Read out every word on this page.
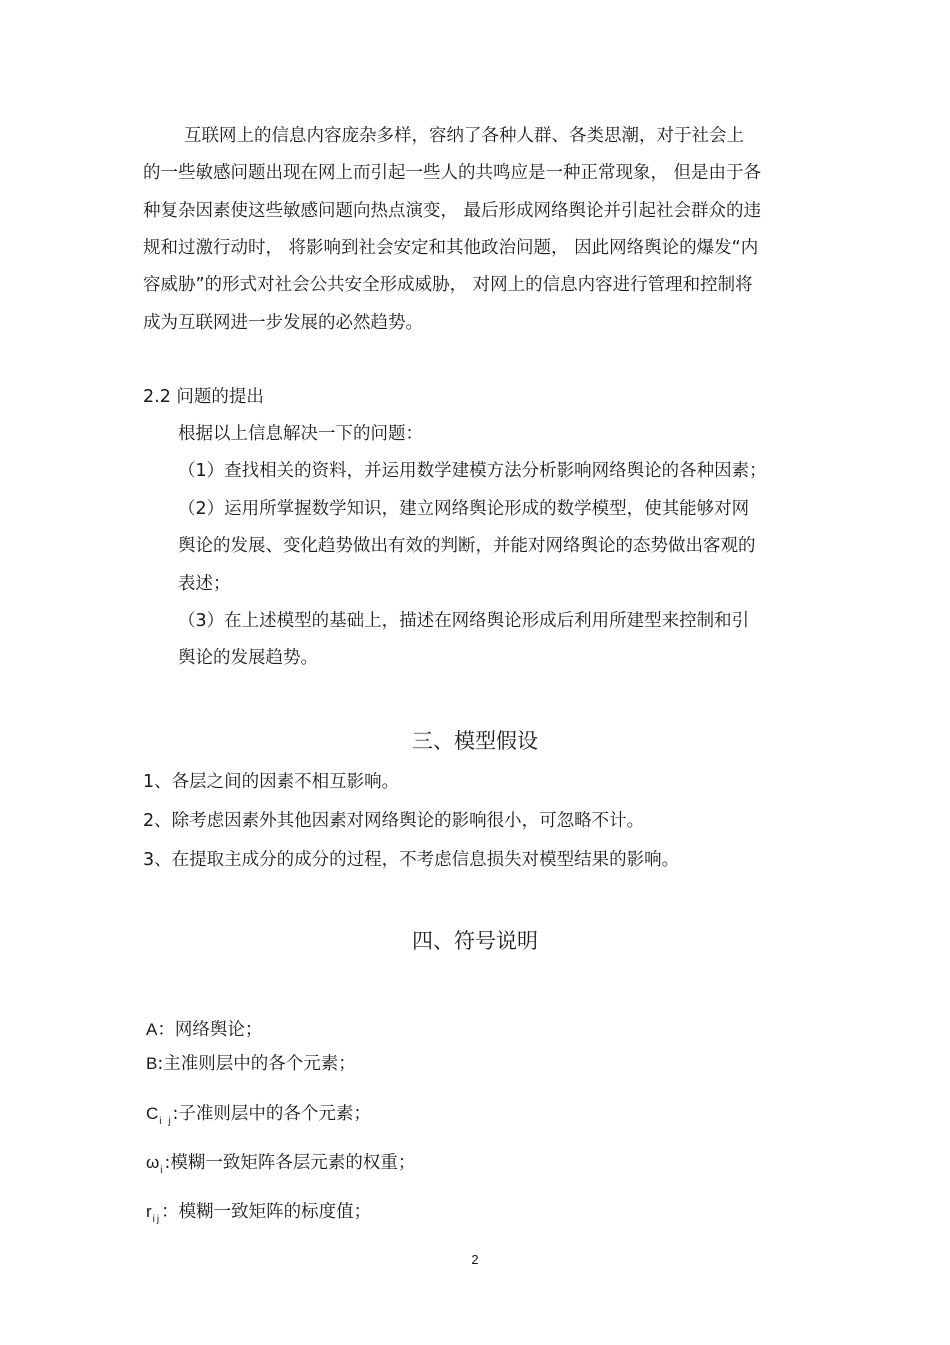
互联网上的信息内容庞杂多样，容纳了各种人群、各类思潮，对于社会上
的一些敏感问题出现在网上而引起一些人的共鸣应是一种正常现象， 但是由于各
种复杂因素使这些敏感问题向热点演变， 最后形成网络舆论并引起社会群众的违
规和过激行动时， 将影响到社会安定和其他政治问题， 因此网络舆论的爆发“内
容威胁”的形式对社会公共安全形成威胁， 对网上的信息内容进行管理和控制将
成为互联网进一步发展的必然趋势。
2.2 问题的提出
根据以上信息解决一下的问题：
（1）查找相关的资料，并运用数学建模方法分析影响网络舆论的各种因素；
（2）运用所掌握数学知识，建立网络舆论形成的数学模型，使其能够对网
舆论的发展、变化趋势做出有效的判断，并能对网络舆论的态势做出客观的
表述；
（3）在上述模型的基础上，描述在网络舆论形成后利用所建型来控制和引
舆论的发展趋势。
三、模型假设
1、各层之间的因素不相互影响。
2、除考虑因素外其他因素对网络舆论的影响很小，可忽略不计。
3、在提取主成分的成分的过程，不考虑信息损失对模型结果的影响。
四、符号说明
A：网络舆论；
B:主准则层中的各个元素；
$C_{i j}$:子准则层中的各个元素；
$\omega_i$:模糊一致矩阵各层元素的权重；
$r_{ij}$：模糊一致矩阵的标度值；
2
